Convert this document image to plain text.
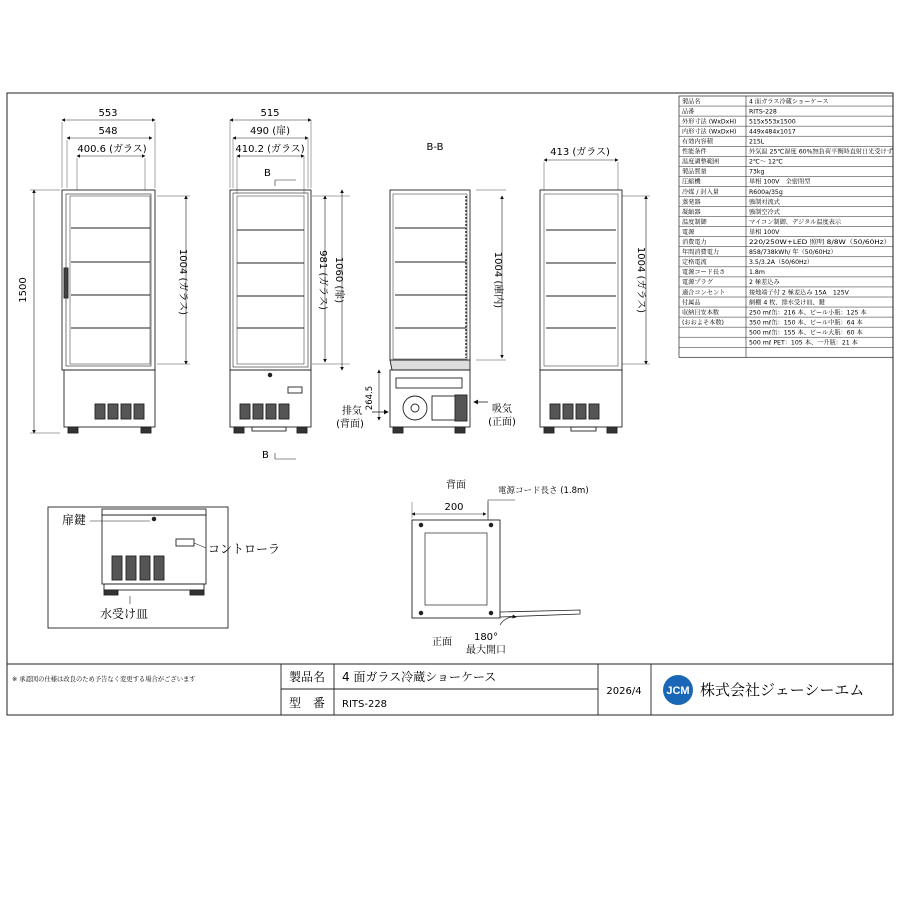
553
548
400.6 (ガラス)
1500	1004 (ガラス)
515
490 (扉)
410.2 (ガラス)
981 (ガラス) 1060 (扉)
B
B
B-B
1004 (庫内)
264.5
排気
(背面)
吸気
(正面)
413 (ガラス)
1004 (ガラス)
製品名	4 面ガラス冷蔵ショーケース
品番	RITS-228
外形寸法 (WxDxH) 515x553x1500
内形寸法 (WxDxH) 449x484x1017
有効内容積	215L
性能条件	外気温 25℃湿度 60%無負荷平衡時直射日光受けず
温度調整範囲	2℃～ 12℃
製品質量	73kg
圧縮機	単相 100V　全密閉型
冷媒 / 封入量	R600a/35g
蒸発器	強制対流式
凝縮器	強制空冷式
温度制御	マイコン制御、デジタル温度表示
電源	単相 100V
消費電力	220/250W+LED 照明 8/8W（50/60Hz）
年間消費電力	858/738kWh/ 年（50/60Hz）
定格電流	3.5/3.2A（50/60Hz）
電源コード長さ	1.8m
電源プラグ	2 極差込み
適合コンセント	接地端子付 2 極差込み 15A　125V
付属品	網棚 4 枚、排水受け皿、鍵
収納目安本数	250 mℓ缶：216 本、ビール小瓶：125 本
(おおよそ本数)	350 mℓ缶：150 本、ビール中瓶：64 本
500 mℓ缶：155 本、ビール大瓶：60 本
500 mℓ PET：105 本、一升瓶：21 本
扉鍵
コントローラ
水受け皿
背面	電源コード長さ (1.8m)
200
正面 180°
最大開口
※ 承認図の仕様は改良のため予告なく変更する場合がございます	製品名 4 面ガラス冷蔵ショーケース
型　番 RITS-228
2026/4 JCM 株式会社ジェーシーエム
